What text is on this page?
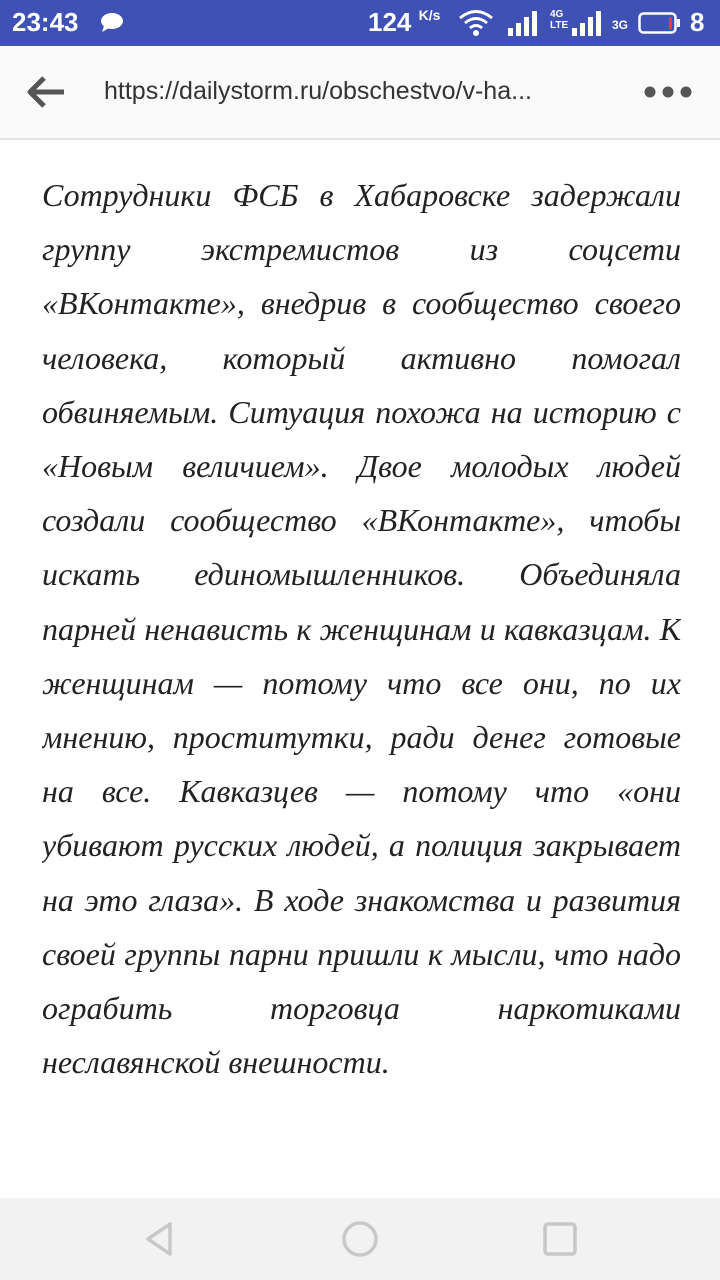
23:43	124 $^{K/s}$	4G
LTE	3G 8
https://dailystorm.ru/obschestvo/v-ha...

Сотрудники ФСБ в Хабаровске задержали группу экстремистов из соцсети «ВКонтакте», внедрив в сообщество своего человека, который активно помогал обвиняемым. Ситуация похожа на историю с «Новым величием». Двое молодых людей создали сообщество «ВКонтакте», чтобы искать единомышленников. Объединяла парней ненависть к женщинам и кавказцам. К женщинам — потому что все они, по их мнению, проститутки, ради денег готовые на все. Кавказцев — потому что «они убивают русских людей, а полиция закрывает на это глаза». В ходе знакомства и развития своей группы парни пришли к мысли, что надо ограбить торговца наркотиками неславянской внешности.
